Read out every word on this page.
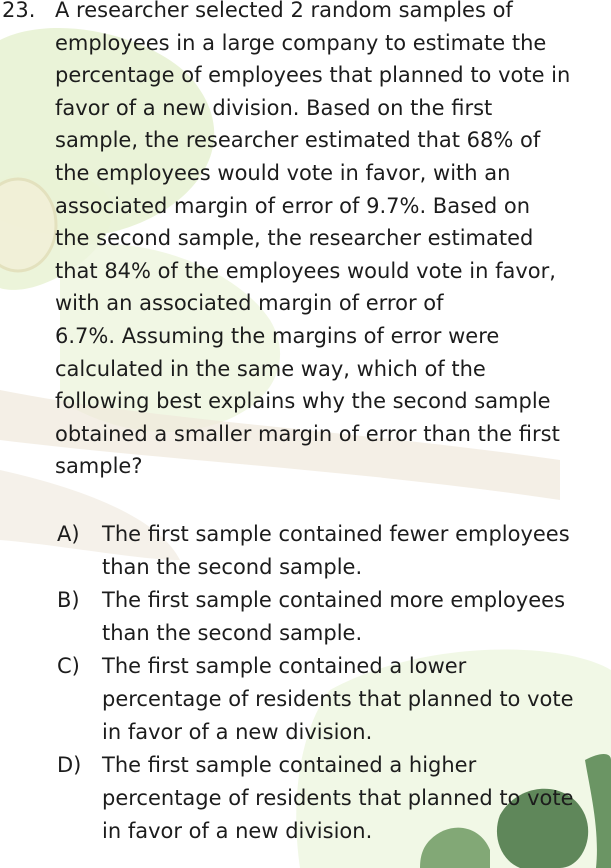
23. A researcher selected 2 random samples of
employees in a large company to estimate the
percentage of employees that planned to vote in
favor of a new division. Based on the first
sample, the researcher estimated that 68% of
the employees would vote in favor, with an
associated margin of error of 9.7%. Based on
the second sample, the researcher estimated
that 84% of the employees would vote in favor,
with an associated margin of error of
6.7%. Assuming the margins of error were
calculated in the same way, which of the
following best explains why the second sample
obtained a smaller margin of error than the first
sample?
A) The first sample contained fewer employees
than the second sample.
B) The first sample contained more employees
than the second sample.
C) The first sample contained a lower
percentage of residents that planned to vote
in favor of a new division.
D) The first sample contained a higher
percentage of residents that planned to vote
in favor of a new division.
